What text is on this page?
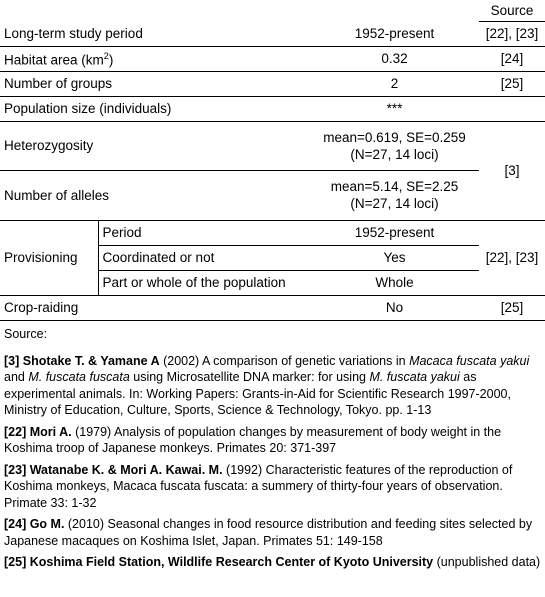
			Source
Long-term study period		1952-present	[22], [23]
Habitat area $(km^2)$		0.32	[24]
Number of groups		2	[25]
Population size (individuals)		***	
Heterozygosity		mean=0.619, SE=0.259
(N=27, 14 loci)	[3]
Number of alleles		mean=5.14, SE=2.25
(N=27, 14 loci)	

Provisioning	Period	1952-present	[22], [23]
	Coordinated or not	Yes	
	Part or whole of the population	Whole	
Crop-raiding		No	[25]

Source:

[3] Shotake T. & Yamane A (2002) A comparison of genetic variations in Macaca fuscata yakui and M. fuscata fuscata using Microsatellite DNA marker: for using M. fuscata yakui as experimental animals. In: Working Papers: Grants-in-Aid for Scientific Research 1997-2000, Ministry of Education, Culture, Sports, Science & Technology, Tokyo. pp. 1-13

[22] Mori A. (1979) Analysis of population changes by measurement of body weight in the Koshima troop of Japanese monkeys. Primates 20: 371-397

[23] Watanabe K. & Mori A. Kawai. M. (1992) Characteristic features of the reproduction of Koshima monkeys, Macaca fuscata fuscata: a summery of thirty-four years of observation. Primate 33: 1-32

[24] Go M. (2010) Seasonal changes in food resource distribution and feeding sites selected by Japanese macaques on Koshima Islet, Japan. Primates 51: 149-158

[25] Koshima Field Station, Wildlife Research Center of Kyoto University (unpublished data)
